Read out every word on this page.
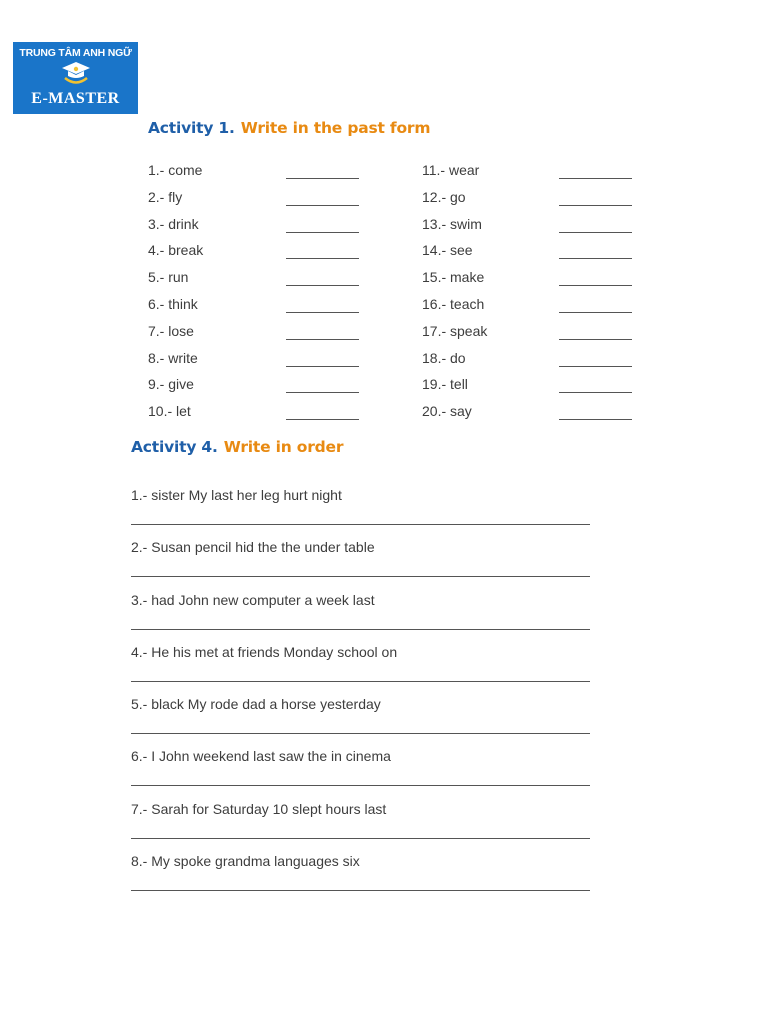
TRUNG TÂM ANH NGỮ
E-MASTER
Activity 1. Write in the past form
1.- come
2.- fly
3.- drink
4.- break
5.- run
6.- think
7.- lose
8.- write
9.- give
10.- let
11.- wear
12.- go
13.- swim
14.- see
15.- make
16.- teach
17.- speak
18.- do
19.- tell
20.- say
Activity 4. Write in order
1.- sister My last her leg hurt night
2.- Susan pencil hid the the under table
3.- had John new computer a week last
4.- He his met at friends Monday school on
5.- black My rode dad a horse yesterday
6.- I John weekend last saw the in cinema
7.- Sarah for Saturday 10 slept hours last
8.- My spoke grandma languages six
